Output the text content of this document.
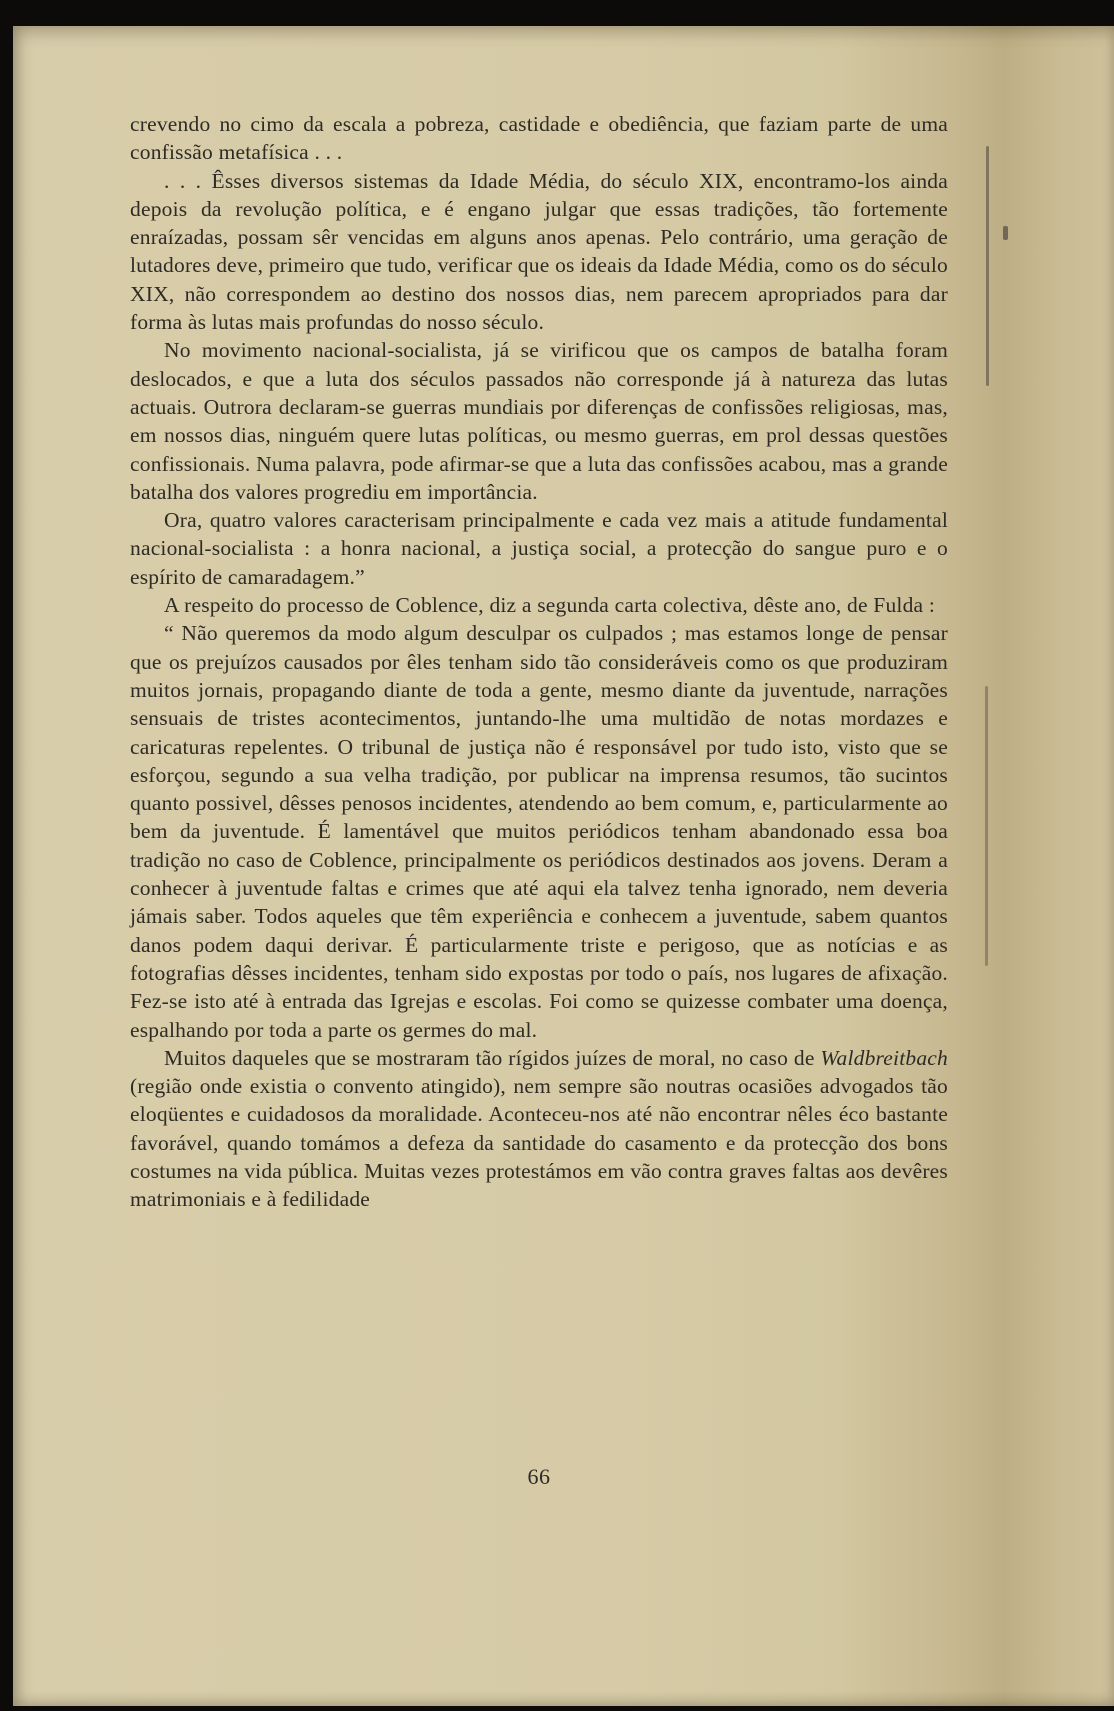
crevendo no cimo da escala a pobreza, castidade e obediência, que faziam parte de uma confissão metafísica . . .

. . . Êsses diversos sistemas da Idade Média, do século XIX, encontramo-los ainda depois da revolução política, e é engano julgar que essas tradições, tão fortemente enraízadas, possam sêr vencidas em alguns anos apenas. Pelo contrário, uma geração de lutadores deve, primeiro que tudo, verificar que os ideais da Idade Média, como os do século XIX, não correspondem ao destino dos nossos dias, nem parecem apropriados para dar forma às lutas mais profundas do nosso século.

No movimento nacional-socialista, já se virificou que os campos de batalha foram deslocados, e que a luta dos séculos passados não corresponde já à natureza das lutas actuais. Outrora declaram-se guerras mundiais por diferenças de confissões religiosas, mas, em nossos dias, ninguém quere lutas políticas, ou mesmo guerras, em prol dessas questões confissionais. Numa palavra, pode afirmar-se que a luta das confissões acabou, mas a grande batalha dos valores progrediu em importância.

Ora, quatro valores caracterisam principalmente e cada vez mais a atitude fundamental nacional-socialista : a honra nacional, a justiça social, a protecção do sangue puro e o espírito de camaradagem.”

A respeito do processo de Coblence, diz a segunda carta colectiva, dêste ano, de Fulda :

“ Não queremos da modo algum desculpar os culpados ; mas estamos longe de pensar que os prejuízos causados por êles tenham sido tão consideráveis como os que produziram muitos jornais, propagando diante de toda a gente, mesmo diante da juventude, narrações sensuais de tristes acontecimentos, juntando-lhe uma multidão de notas mordazes e caricaturas repelentes. O tribunal de justiça não é responsável por tudo isto, visto que se esforçou, segundo a sua velha tradição, por publicar na imprensa resumos, tão sucintos quanto possivel, dêsses penosos incidentes, atendendo ao bem comum, e, particularmente ao bem da juventude. É lamentável que muitos periódicos tenham abandonado essa boa tradição no caso de Coblence, principalmente os periódicos destinados aos jovens. Deram a conhecer à juventude faltas e crimes que até aqui ela talvez tenha ignorado, nem deveria jámais saber. Todos aqueles que têm experiência e conhecem a juventude, sabem quantos danos podem daqui derivar. É particularmente triste e perigoso, que as notícias e as fotografias dêsses incidentes, tenham sido expostas por todo o país, nos lugares de afixação. Fez-se isto até à entrada das Igrejas e escolas. Foi como se quizesse combater uma doença, espalhando por toda a parte os germes do mal.

Muitos daqueles que se mostraram tão rígidos juízes de moral, no caso de Waldbreitbach (região onde existia o convento atingido), nem sempre são noutras ocasiões advogados tão eloqüentes e cuidadosos da moralidade. Aconteceu-nos até não encontrar nêles éco bastante favorável, quando tomámos a defeza da santidade do casamento e da protecção dos bons costumes na vida pública. Muitas vezes protestámos em vão contra graves faltas aos devêres matrimoniais e à fedilidade

66
